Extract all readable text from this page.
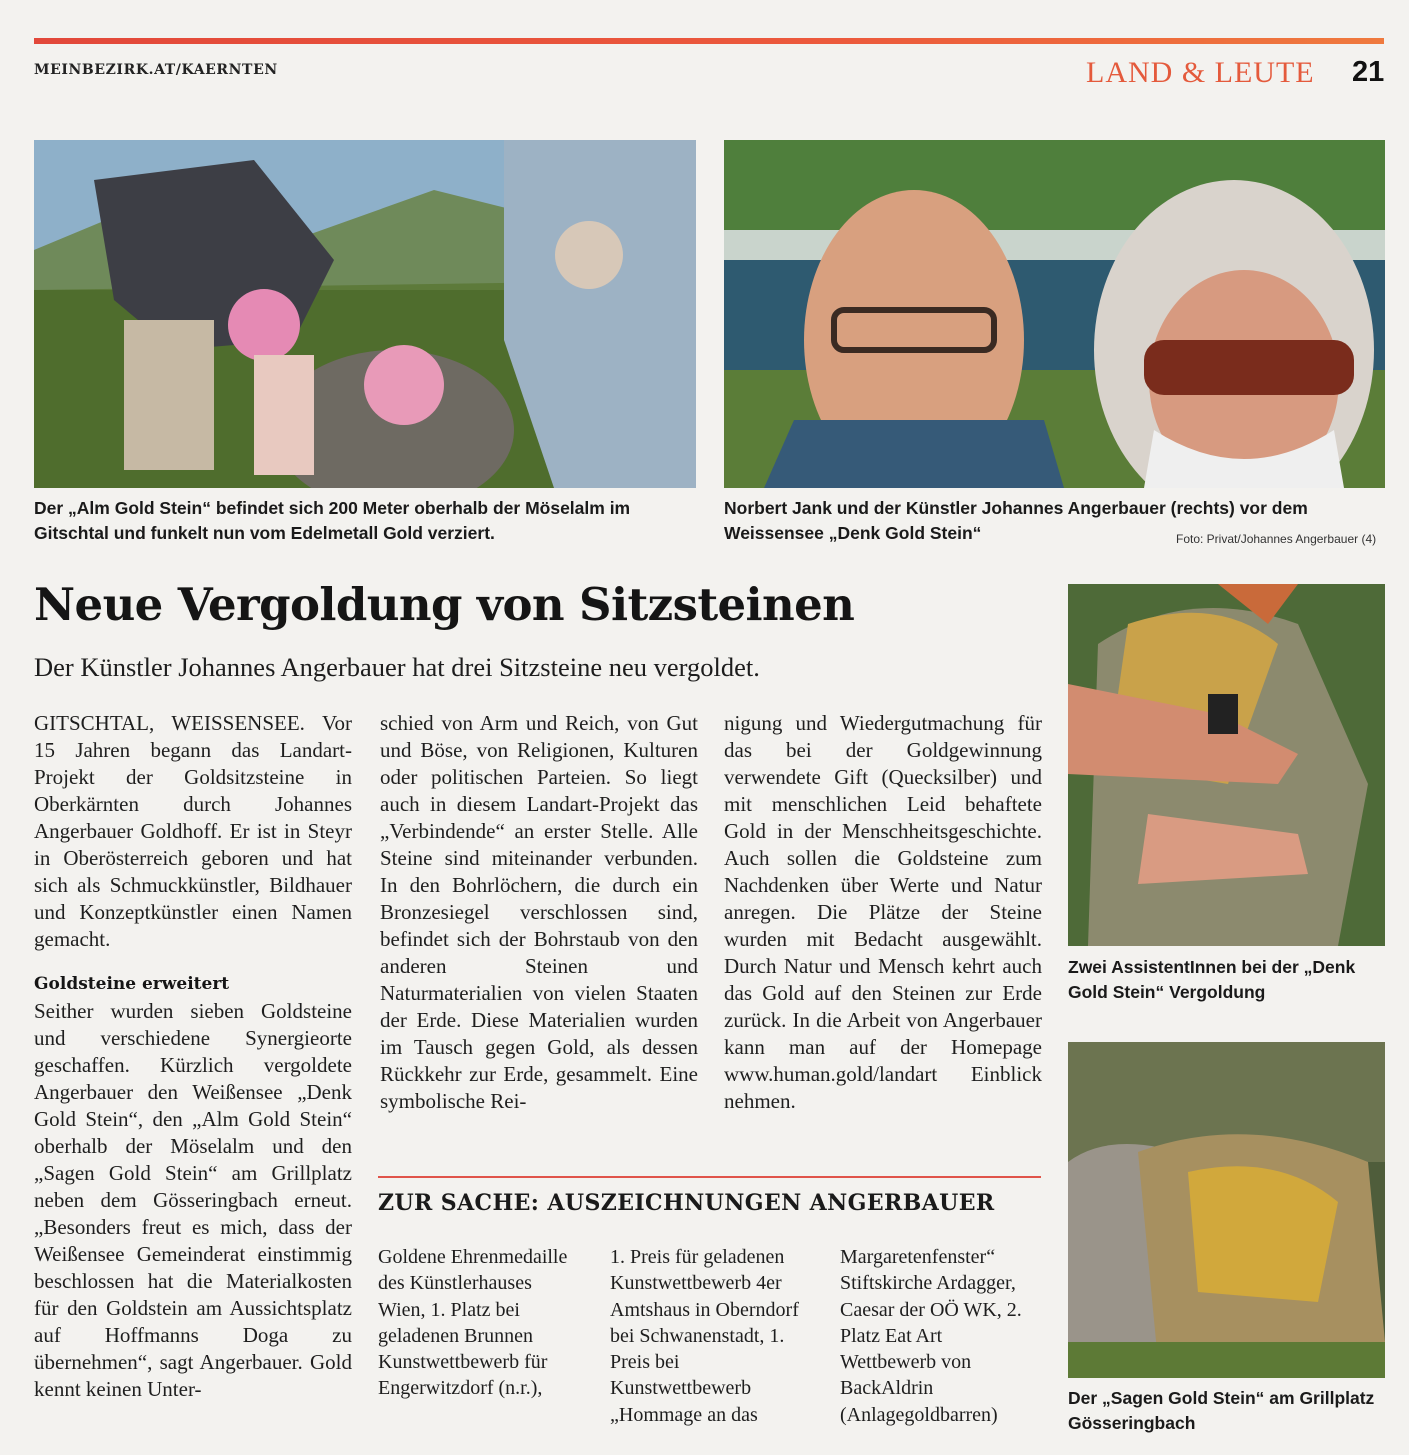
MEINBEZIRK.AT/KAERNTEN	LAND & LEUTE 21
Der „Alm Gold Stein“ befindet sich 200 Meter oberhalb der Möselalm im Gitschtal und funkelt nun vom Edelmetall Gold verziert.
Norbert Jank und der Künstler Johannes Angerbauer (rechts) vor dem Weissensee „Denk Gold Stein“	Foto: Privat/Johannes Angerbauer (4)
Neue Vergoldung von Sitzsteinen
Der Künstler Johannes Angerbauer hat drei Sitzsteine neu vergoldet.

GITSCHTAL, WEISSENSEE. Vor 15 Jahren begann das Landart-Projekt der Goldsitzsteine in Oberkärnten durch Johannes Angerbauer Goldhoff. Er ist in Steyr in Oberösterreich geboren und hat sich als Schmuckkünstler, Bildhauer und Konzeptkünstler einen Namen gemacht.

Goldsteine erweitert

Seither wurden sieben Goldsteine und verschiedene Synergieorte geschaffen. Kürzlich vergoldete Angerbauer den Weißensee „Denk Gold Stein“, den „Alm Gold Stein“ oberhalb der Möselalm und den „Sagen Gold Stein“ am Grillplatz neben dem Gösseringbach erneut. „Besonders freut es mich, dass der Weißensee Gemeinderat einstimmig beschlossen hat die Materialkosten für den Goldstein am Aussichtsplatz auf Hoffmanns Doga zu übernehmen“, sagt Angerbauer. Gold kennt keinen Unter-

schied von Arm und Reich, von Gut und Böse, von Religionen, Kulturen oder politischen Parteien. So liegt auch in diesem Landart-Projekt das „Verbindende“ an erster Stelle. Alle Steine sind miteinander verbunden. In den Bohrlöchern, die durch ein Bronzesiegel verschlossen sind, befindet sich der Bohrstaub von den anderen Steinen und Naturmaterialien von vielen Staaten der Erde. Diese Materialien wurden im Tausch gegen Gold, als dessen Rückkehr zur Erde, gesammelt. Eine symbolische Rei-

nigung und Wiedergutmachung für das bei der Goldgewinnung verwendete Gift (Quecksilber) und mit menschlichen Leid behaftete Gold in der Menschheitsgeschichte. Auch sollen die Goldsteine zum Nachdenken über Werte und Natur anregen. Die Plätze der Steine wurden mit Bedacht ausgewählt. Durch Natur und Mensch kehrt auch das Gold auf den Steinen zur Erde zurück. In die Arbeit von Angerbauer kann man auf der Homepage www.human.gold/landart Einblick nehmen.

ZUR SACHE: AUSZEICHNUNGEN ANGERBAUER
Goldene Ehrenmedaille des Künstlerhauses Wien, 1. Platz bei geladenen Brunnen Kunstwettbewerb für Engerwitzdorf (n.r.),
1. Preis für geladenen Kunstwettbewerb 4er Amtshaus in Oberndorf bei Schwanenstadt, 1. Preis bei Kunstwettbewerb „Hommage an das
Margaretenfenster“ Stiftskirche Ardagger, Caesar der OÖ WK, 2. Platz Eat Art Wettbewerb von BackAldrin (Anlagegoldbarren)
Zwei AssistentInnen bei der „Denk Gold Stein“ Vergoldung
Der „Sagen Gold Stein“ am Grillplatz Gösseringbach
